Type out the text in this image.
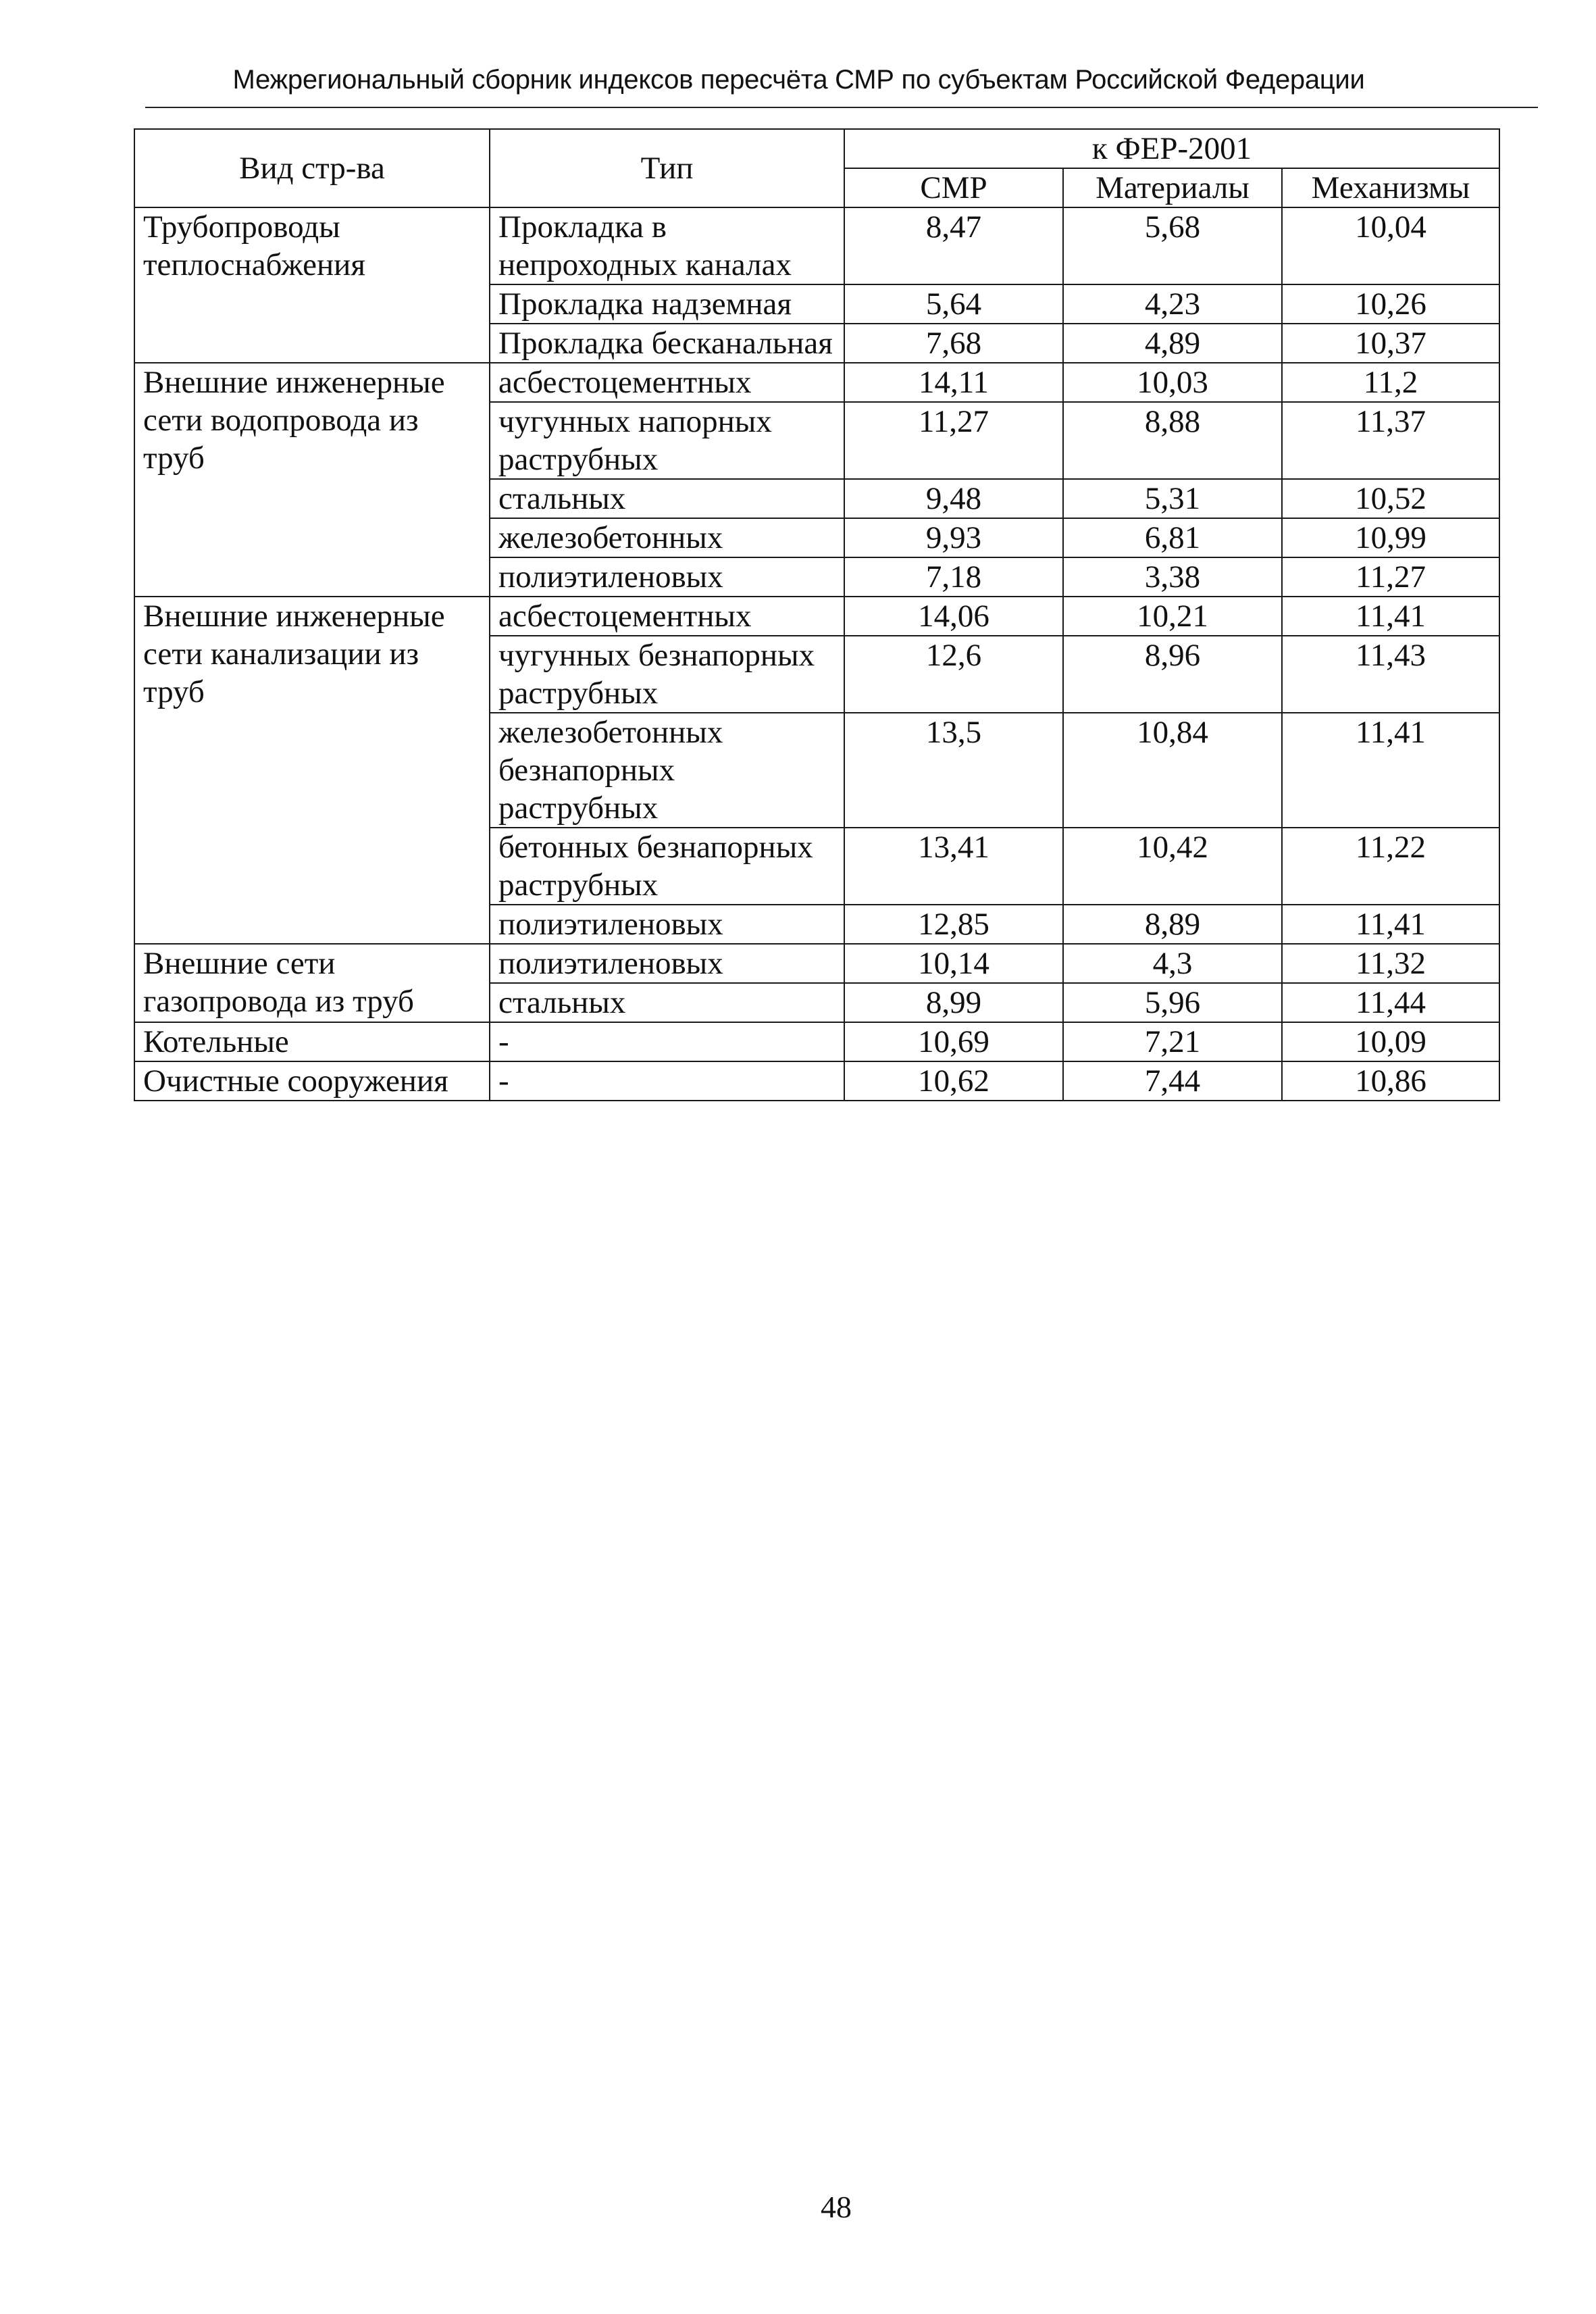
Межрегиональный сборник индексов пересчёта СМР по субъектам Российской Федерации
Вид стр-ва	Тип	к ФЕР-2001		
		СМР	Материалы	Механизмы
Трубопроводы теплоснабжения	Прокладка в непроходных каналах	8,47	5,68	10,04
	Прокладка надземная	5,64	4,23	10,26
	Прокладка бесканальная	7,68	4,89	10,37
Внешние инженерные сети водопровода из труб	асбестоцементных	14,11	10,03	11,2
	чугунных напорных раструбных	11,27	8,88	11,37
	стальных	9,48	5,31	10,52
	железобетонных	9,93	6,81	10,99
	полиэтиленовых	7,18	3,38	11,27
Внешние инженерные сети канализации из труб	асбестоцементных	14,06	10,21	11,41
	чугунных безнапорных раструбных	12,6	8,96	11,43
	железобетонных безнапорных раструбных	13,5	10,84	11,41
	бетонных безнапорных раструбных	13,41	10,42	11,22
	полиэтиленовых	12,85	8,89	11,41
Внешние сети газопровода из труб	полиэтиленовых	10,14	4,3	11,32
	стальных	8,99	5,96	11,44
Котельные	-	10,69	7,21	10,09
Очистные сооружения	-	10,62	7,44	10,86
48
